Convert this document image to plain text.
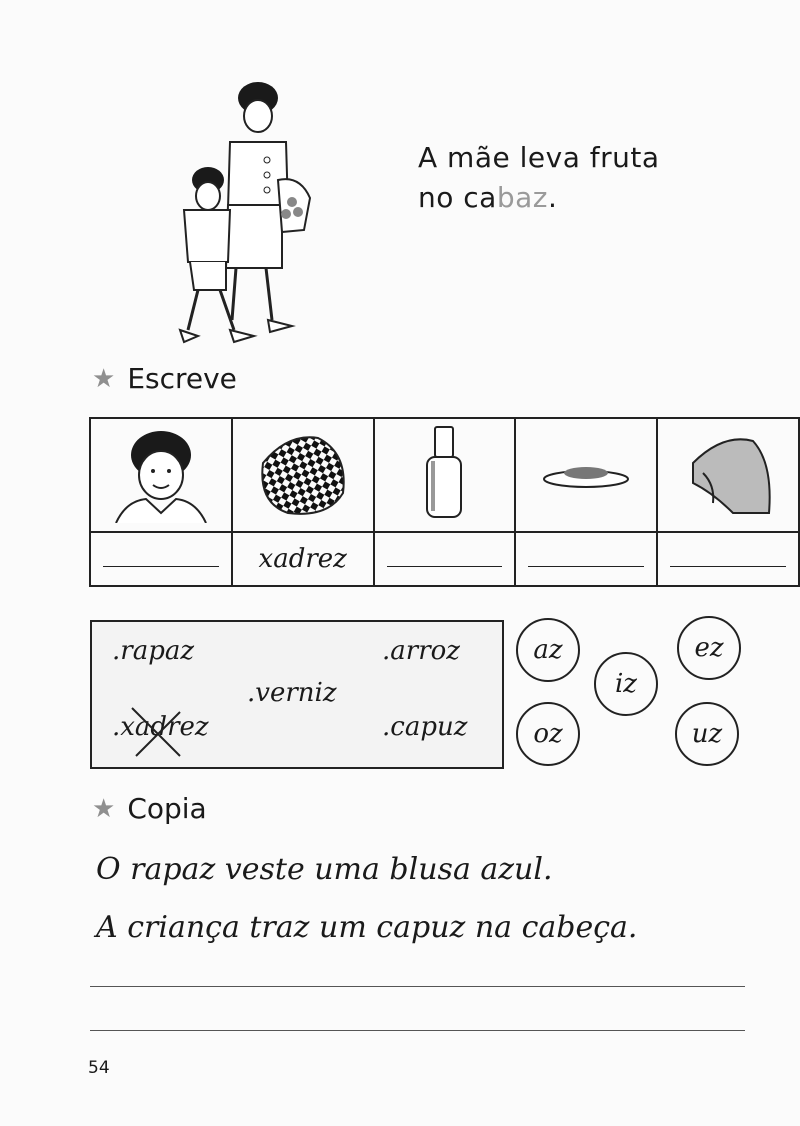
A mãe leva fruta
no cabaz.
★ Escreve

	xadrez	

.rapaz	.arroz
.verniz
.xadrez	.capuz
az	ez
iz
oz	uz
★ Copia
O rapaz veste uma blusa azul.
A criança traz um capuz na cabeça.
54
